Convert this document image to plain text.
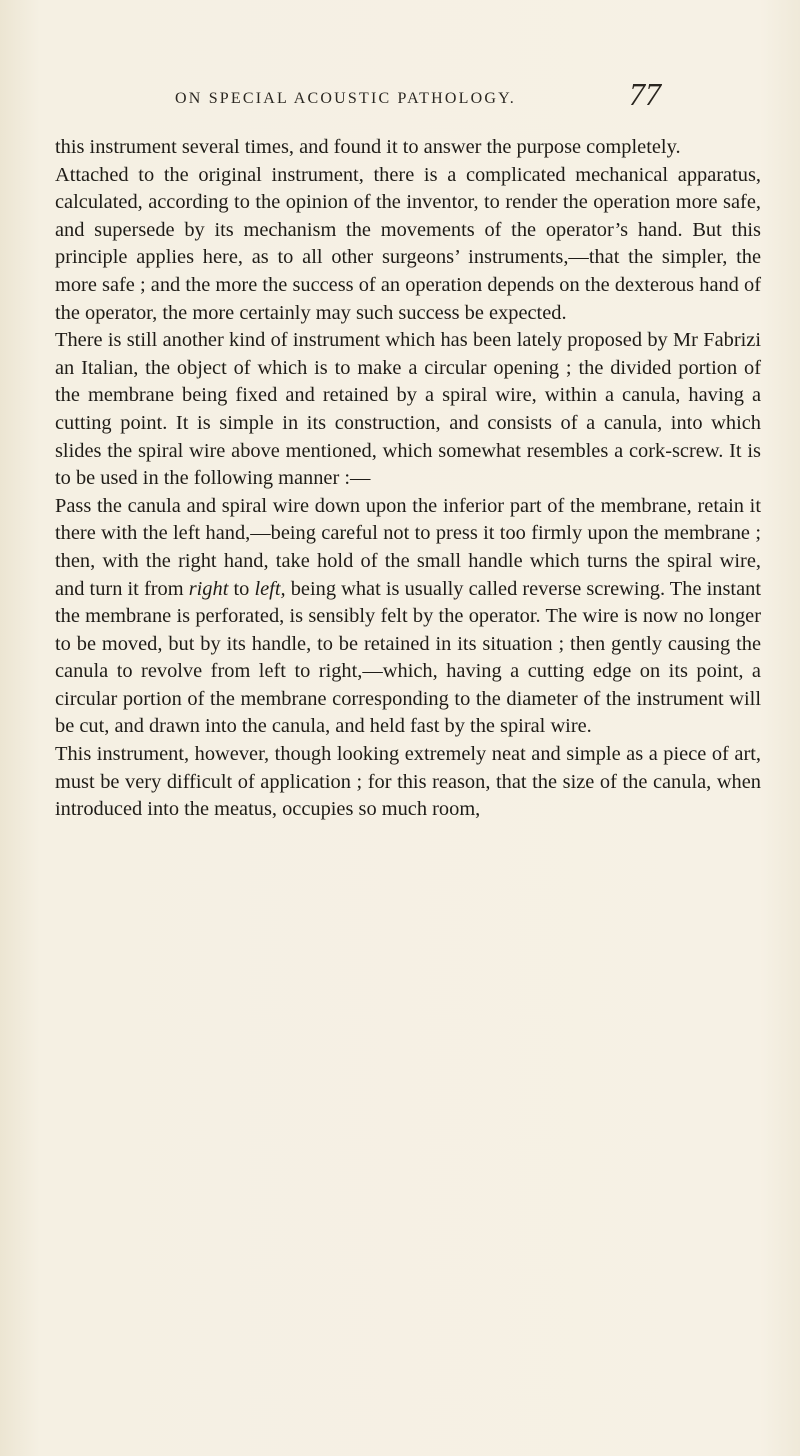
ON SPECIAL ACOUSTIC PATHOLOGY.	77

this instrument several times, and found it to answer the purpose completely.

Attached to the original instrument, there is a complicated mechanical apparatus, calculated, according to the opinion of the inventor, to render the operation more safe, and supersede by its mechanism the movements of the operator’s hand. But this principle applies here, as to all other surgeons’ instruments,—that the simpler, the more safe ; and the more the success of an operation depends on the dexterous hand of the operator, the more certainly may such success be expected.

There is still another kind of instrument which has been lately proposed by Mr Fabrizi an Italian, the object of which is to make a circular opening ; the divided portion of the membrane being fixed and retained by a spiral wire, within a canula, having a cutting point. It is simple in its construction, and consists of a canula, into which slides the spiral wire above mentioned, which somewhat resembles a cork-screw. It is to be used in the following manner :—

Pass the canula and spiral wire down upon the inferior part of the membrane, retain it there with the left hand,—being careful not to press it too firmly upon the membrane ; then, with the right hand, take hold of the small handle which turns the spiral wire, and turn it from right to left, being what is usually called reverse screwing. The instant the membrane is perforated, is sensibly felt by the operator. The wire is now no longer to be moved, but by its handle, to be retained in its situation ; then gently causing the canula to revolve from left to right,—which, having a cutting edge on its point, a circular portion of the membrane corresponding to the diameter of the instrument will be cut, and drawn into the canula, and held fast by the spiral wire.

This instrument, however, though looking extremely neat and simple as a piece of art, must be very difficult of application ; for this reason, that the size of the canula, when introduced into the meatus, occupies so much room,
